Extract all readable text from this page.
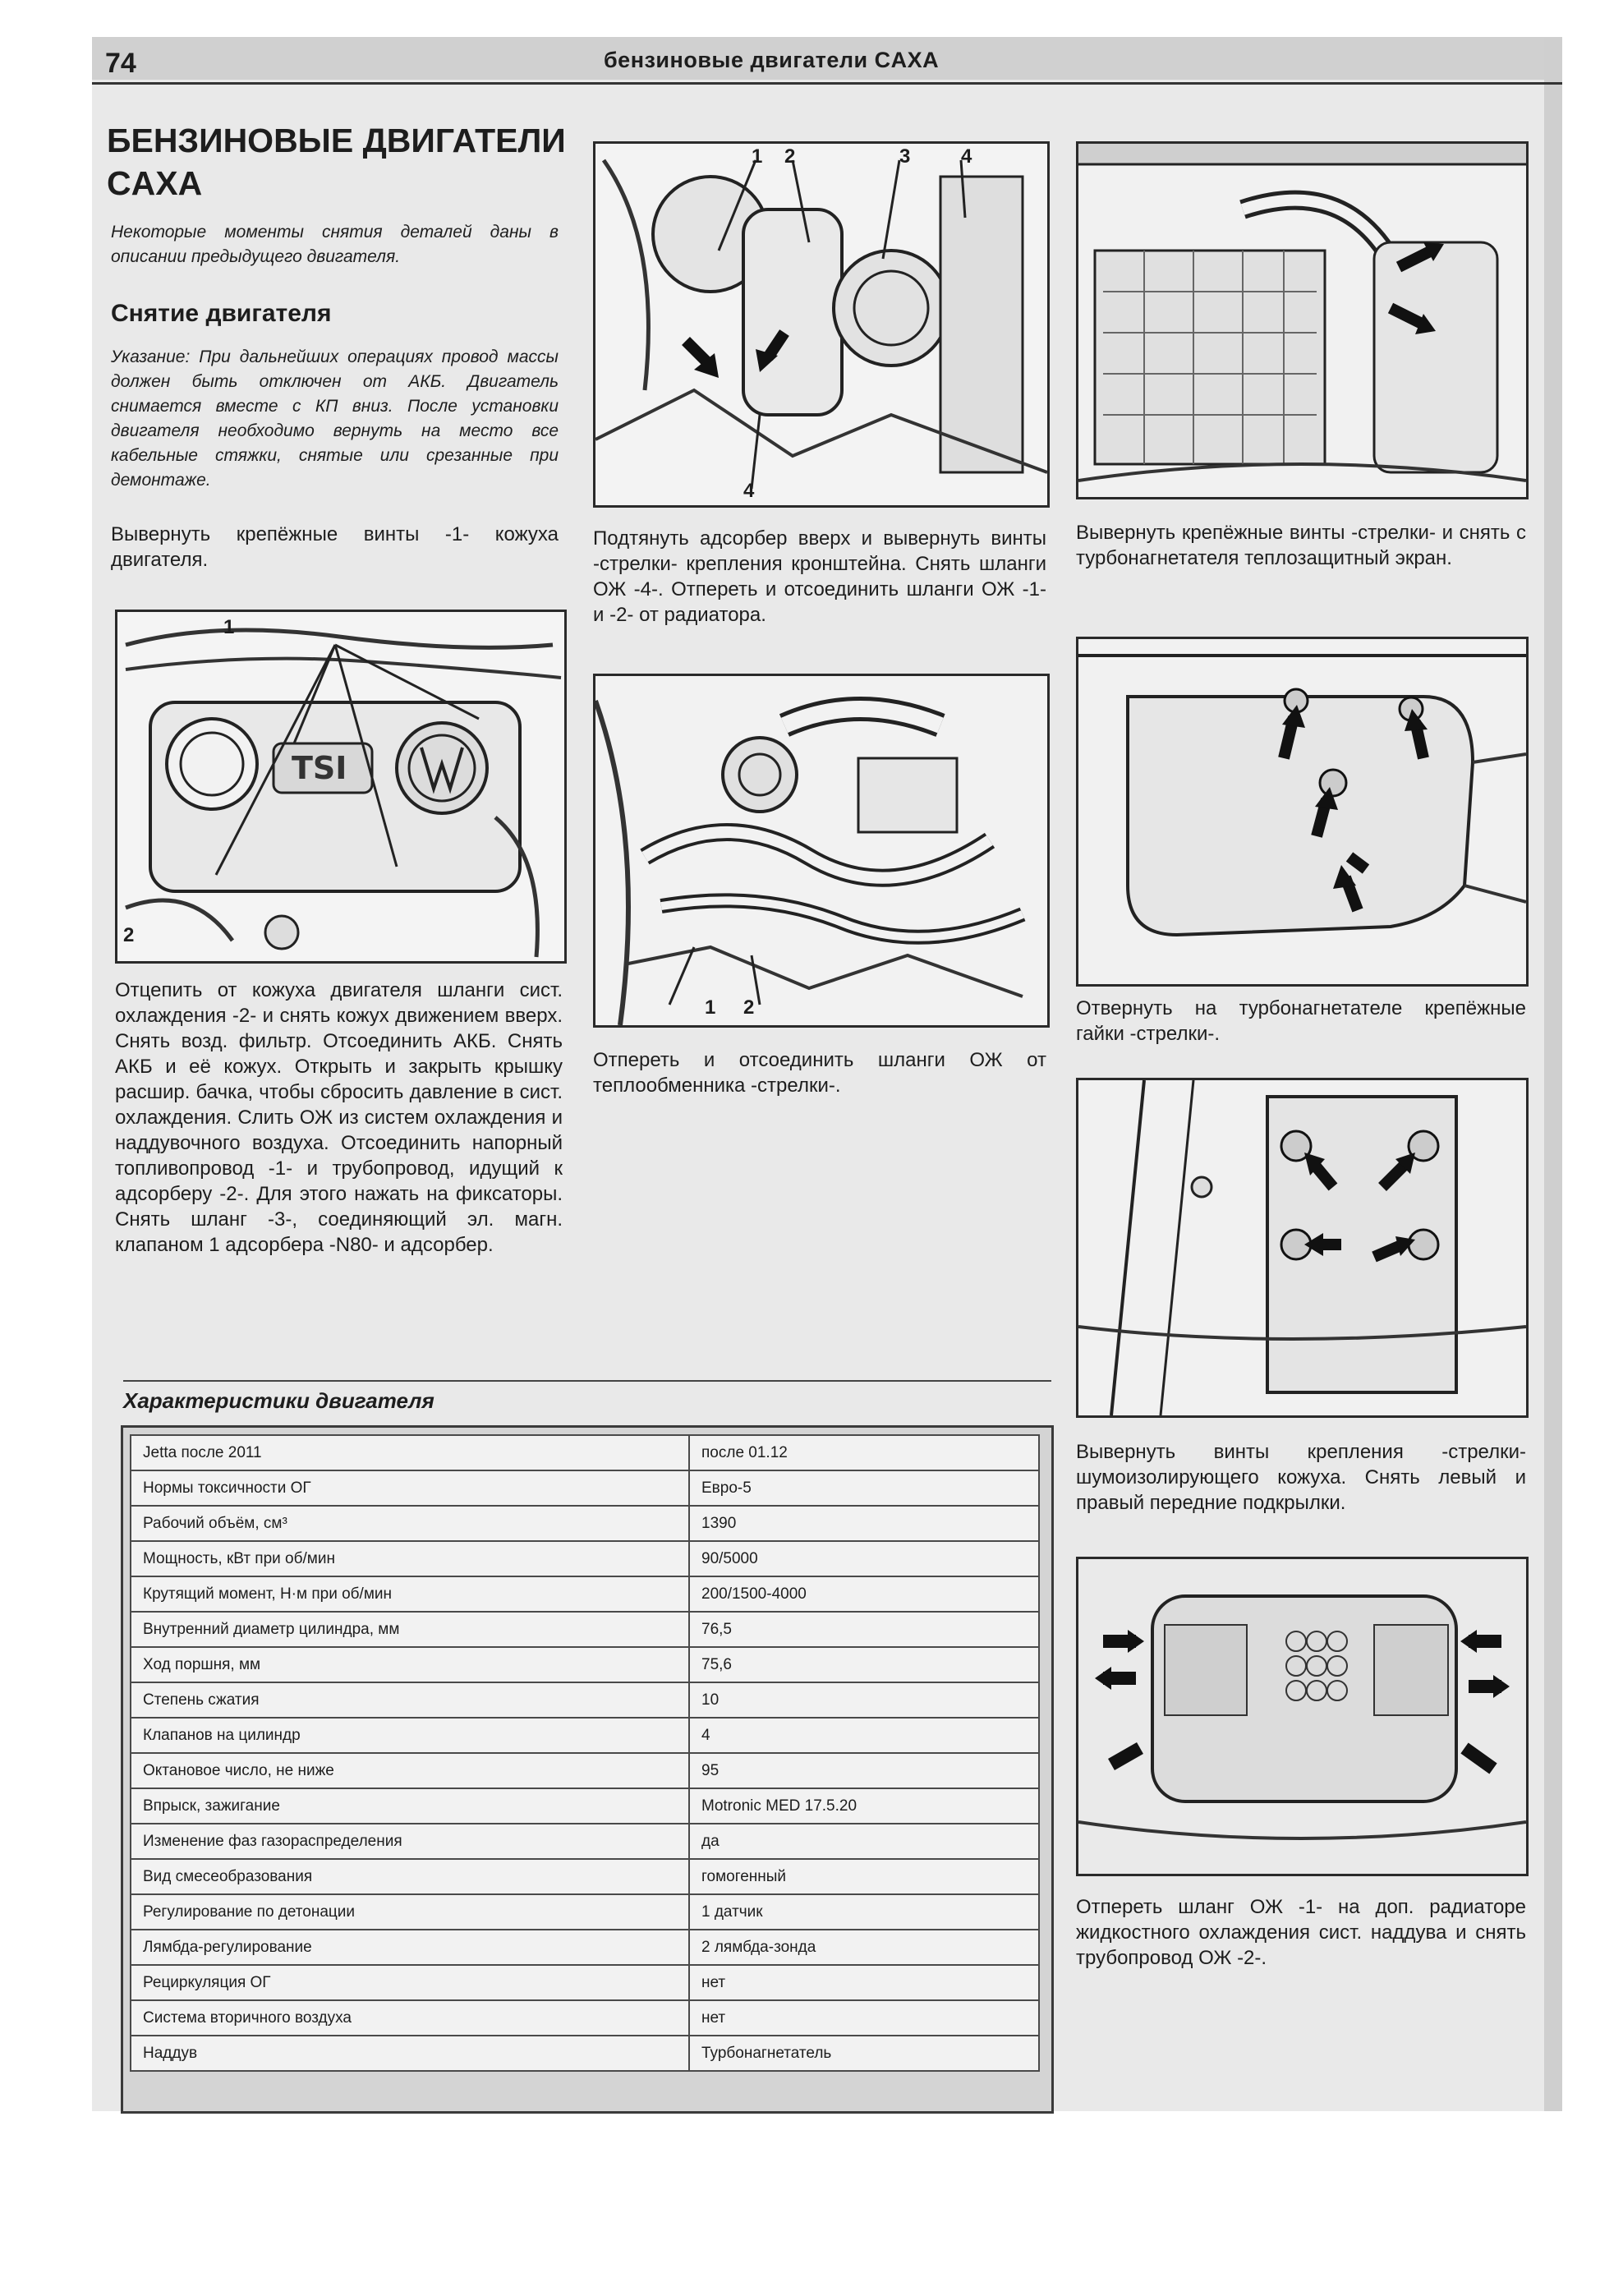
74	бензиновые двигатели CAXA
БЕНЗИНОВЫЕ ДВИГАТЕЛИ
CAXA
Некоторые моменты снятия деталей даны в описании предыдущего двигателя.
Снятие двигателя
Указание: При дальнейших операциях провод массы должен быть отключен от АКБ. Двигатель снимается вместе с КП вниз. После установки двигателя необходимо вернуть на место все кабельные стяжки, снятые или срезанные при демонтаже.
Вывернуть крепёжные винты -1- кожуха двигателя.
TSI
1
2
Отцепить от кожуха двигателя шланги сист. охлаждения -2- и снять кожух движением вверх. Снять возд. фильтр. Отсоединить АКБ. Снять АКБ и её кожух. Открыть и закрыть крышку расшир. бачка, чтобы сбросить давление в сист. охлаждения. Слить ОЖ из систем охлаждения и наддувочного воздуха. Отсоединить напорный топливопровод -1- и трубопровод, идущий к адсорберу -2-. Для этого нажать на фиксаторы. Снять шланг -3-, соединяющий эл. магн. клапаном 1 адсорбера -N80- и адсорбер.
1 2	3	4
4
Подтянуть адсорбер вверх и вывернуть винты -стрелки- крепления кронштейна. Снять шланги ОЖ -4-. Отпереть и отсоединить шланги ОЖ -1- и -2- от радиатора.
1 2
Отпереть и отсоединить шланги ОЖ от теплообменника -стрелки-.
Вывернуть крепёжные винты -стрелки- и снять с турбонагнетателя теплозащитный экран.
Отвернуть на турбонагнетателе крепёжные гайки -стрелки-.
Вывернуть винты крепления -стрелки- шумоизолирующего кожуха. Снять левый и правый передние подкрылки.
Отпереть шланг ОЖ -1- на доп. радиаторе жидкостного охлаждения сист. наддува и снять трубопровод ОЖ -2-.
Характеристики двигателя
Jetta после 2011	после 01.12
Нормы токсичности ОГ	Евро-5
Рабочий объём, см³	1390
Мощность, кВт при об/мин	90/5000
Крутящий момент, Н·м при об/мин	200/1500-4000
Внутренний диаметр цилиндра, мм	76,5
Ход поршня, мм	75,6
Степень сжатия	10
Клапанов на цилиндр	4
Октановое число, не ниже	95
Впрыск, зажигание	Motronic MED 17.5.20
Изменение фаз газораспределения	да
Вид смесеобразования	гомогенный
Регулирование по детонации	1 датчик
Лямбда-регулирование	2 лямбда-зонда
Рециркуляция ОГ	нет
Система вторичного воздуха	нет
Наддув	Турбонагнетатель
